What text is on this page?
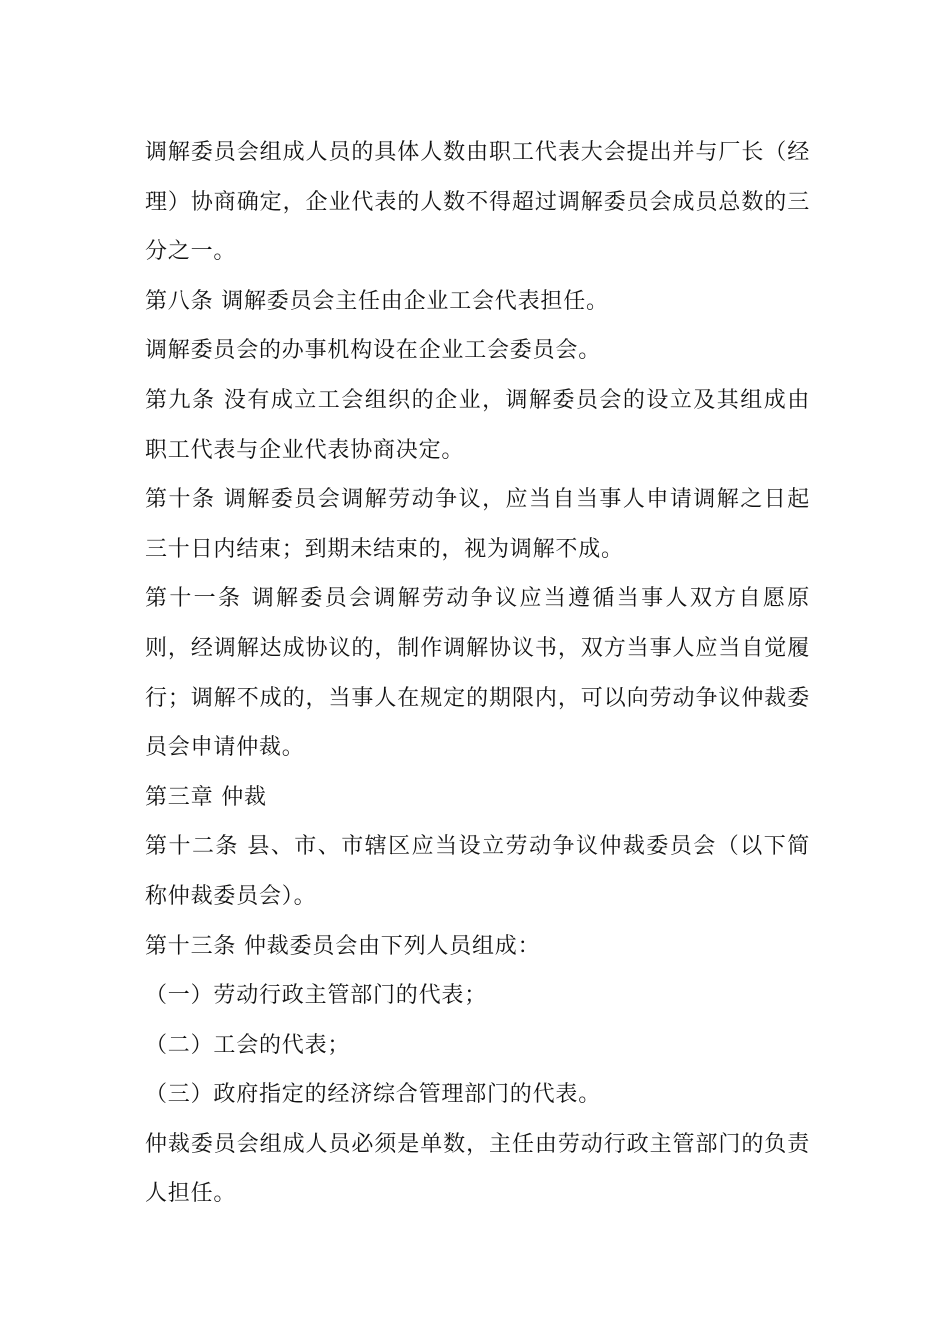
调解委员会组成人员的具体人数由职工代表大会提出并与厂长（经理）协商确定，企业代表的人数不得超过调解委员会成员总数的三分之一。

第八条 调解委员会主任由企业工会代表担任。

调解委员会的办事机构设在企业工会委员会。

第九条 没有成立工会组织的企业，调解委员会的设立及其组成由职工代表与企业代表协商决定。

第十条 调解委员会调解劳动争议，应当自当事人申请调解之日起三十日内结束；到期未结束的，视为调解不成。

第十一条 调解委员会调解劳动争议应当遵循当事人双方自愿原则，经调解达成协议的，制作调解协议书，双方当事人应当自觉履行；调解不成的，当事人在规定的期限内，可以向劳动争议仲裁委员会申请仲裁。

第三章 仲裁

第十二条 县、市、市辖区应当设立劳动争议仲裁委员会（以下简称仲裁委员会）。

第十三条 仲裁委员会由下列人员组成：

（一）劳动行政主管部门的代表；

（二）工会的代表；

（三）政府指定的经济综合管理部门的代表。

仲裁委员会组成人员必须是单数，主任由劳动行政主管部门的负责人担任。
